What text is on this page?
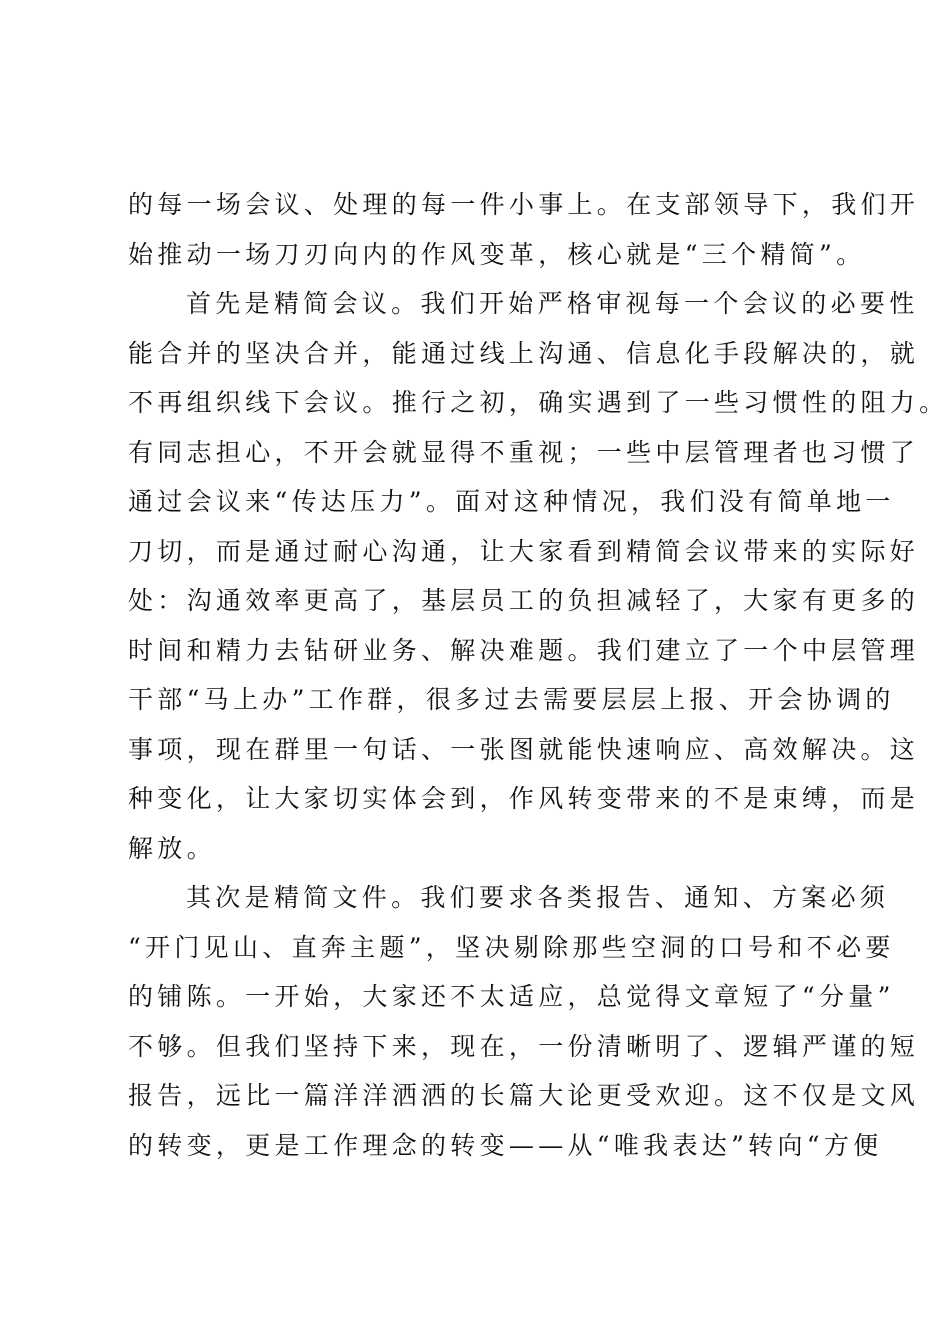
的每一场会议、处理的每一件小事上。在支部领导下，我们开
始推动一场刀刃向内的作风变革，核心就是“三个精简”。
首先是精简会议。我们开始严格审视每一个会议的必要性
能合并的坚决合并，能通过线上沟通、信息化手段解决的，就
不再组织线下会议。推行之初，确实遇到了一些习惯性的阻力。
有同志担心，不开会就显得不重视；一些中层管理者也习惯了
通过会议来“传达压力”。面对这种情况，我们没有简单地一
刀切，而是通过耐心沟通，让大家看到精简会议带来的实际好
处：沟通效率更高了，基层员工的负担减轻了，大家有更多的
时间和精力去钻研业务、解决难题。我们建立了一个中层管理
干部“马上办”工作群，很多过去需要层层上报、开会协调的
事项，现在群里一句话、一张图就能快速响应、高效解决。这
种变化，让大家切实体会到，作风转变带来的不是束缚，而是
解放。
其次是精简文件。我们要求各类报告、通知、方案必须
“开门见山、直奔主题”，坚决剔除那些空洞的口号和不必要
的铺陈。一开始，大家还不太适应，总觉得文章短了“分量”
不够。但我们坚持下来，现在，一份清晰明了、逻辑严谨的短
报告，远比一篇洋洋洒洒的长篇大论更受欢迎。这不仅是文风
的转变，更是工作理念的转变——从“唯我表达”转向“方便
